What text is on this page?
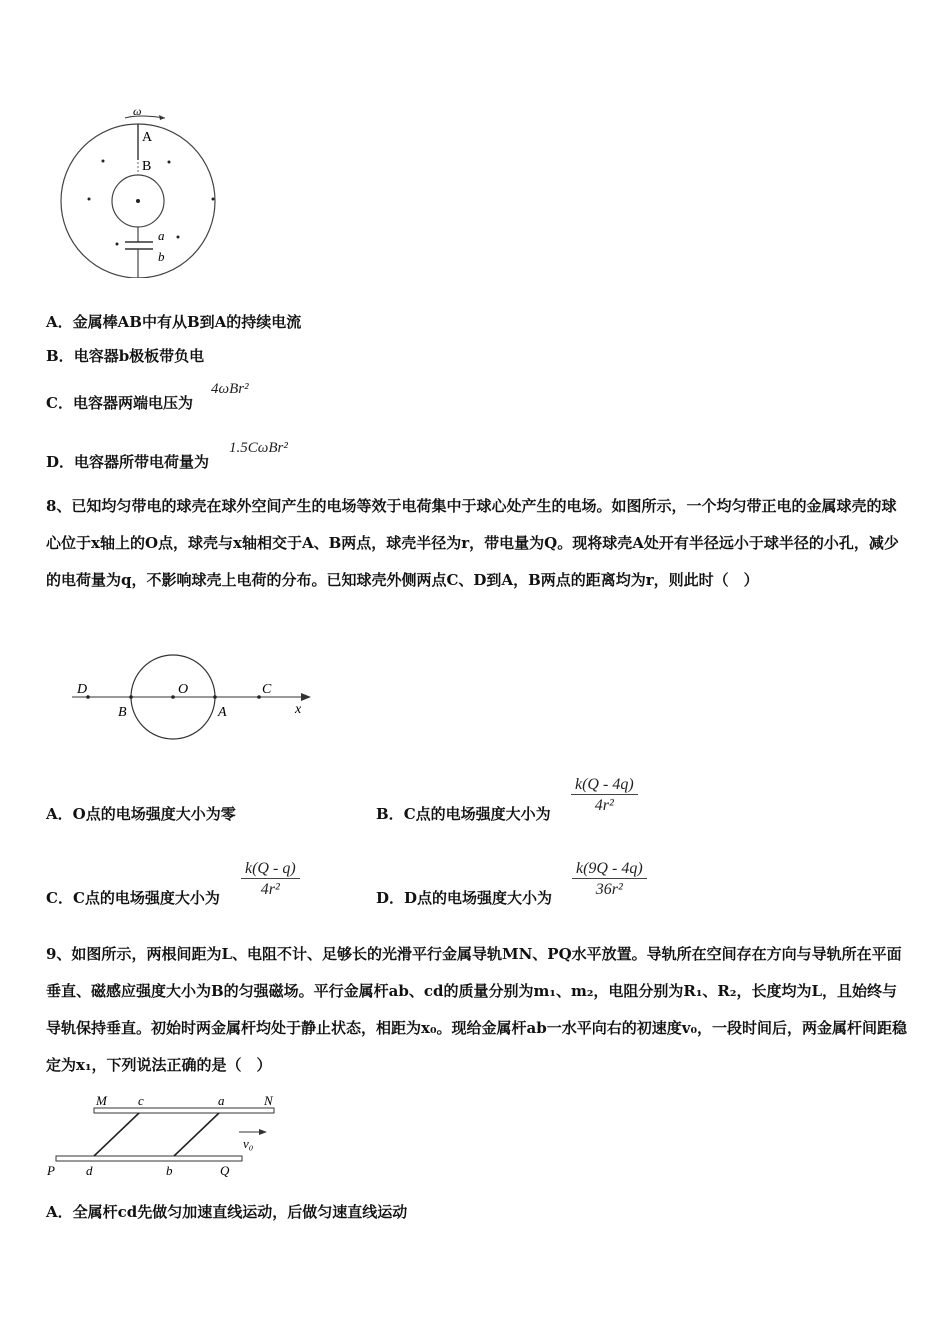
ω
A
B
a
b
A．金属棒AB中有从B到A的持续电流
B．电容器b极板带负电
C．电容器两端电压为
4ωBr²
D．电容器所带电荷量为
1.5CωBr²
8、已知均匀带电的球壳在球外空间产生的电场等效于电荷集中于球心处产生的电场。如图所示，一个均匀带正电的金属球壳的球心位于x轴上的O点，球壳与x轴相交于A、B两点，球壳半径为r，带电量为Q。现将球壳A处开有半径远小于球半径的小孔，减少的电荷量为q，不影响球壳上电荷的分布。已知球壳外侧两点C、D到A，B两点的距离均为r，则此时（　）
D
B
O
A
C
x
A．O点的电场强度大小为零	B．C点的电场强度大小为 $\frac{k(Q - 4q)}{\text{4r²}}$
C．C点的电场强度大小为 $\frac{k(Q - q)}{\text{4r²}}$	D．D点的电场强度大小为 $\frac{k(9Q - 4q)}{\text{36r²}}$
9、如图所示，两根间距为L、电阻不计、足够长的光滑平行金属导轨MN、PQ水平放置。导轨所在空间存在方向与导轨所在平面垂直、磁感应强度大小为B的匀强磁场。平行金属杆ab、cd的质量分别为m₁、m₂，电阻分别为R₁、R₂，长度均为L，且始终与导轨保持垂直。初始时两金属杆均处于静止状态，相距为x₀。现给金属杆ab一水平向右的初速度v₀，一段时间后，两金属杆间距稳定为x₁，下列说法正确的是（　）
M c	a	N
v₀
P d	b	Q
A．全属杆cd先做匀加速直线运动，后做匀速直线运动
